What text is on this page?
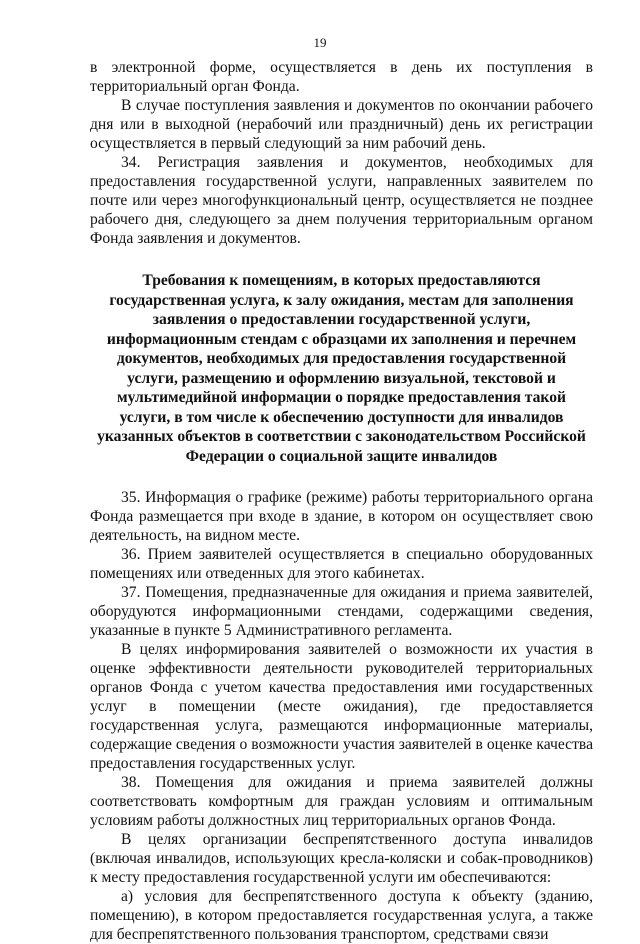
19

в электронной форме, осуществляется в день их поступления в территориальный орган Фонда.

В случае поступления заявления и документов по окончании рабочего дня или в выходной (нерабочий или праздничный) день их регистрации осуществляется в первый следующий за ним рабочий день.

34. Регистрация заявления и документов, необходимых для предоставления государственной услуги, направленных заявителем по почте или через многофункциональный центр, осуществляется не позднее рабочего дня, следующего за днем получения территориальным органом Фонда заявления и документов.

Требования к помещениям, в которых предоставляются государственная услуга, к залу ожидания, местам для заполнения заявления о предоставлении государственной услуги, информационным стендам с образцами их заполнения и перечнем документов, необходимых для предоставления государственной услуги, размещению и оформлению визуальной, текстовой и мультимедийной информации о порядке предоставления такой услуги, в том числе к обеспечению доступности для инвалидов указанных объектов в соответствии с законодательством Российской Федерации о социальной защите инвалидов

35. Информация о графике (режиме) работы территориального органа Фонда размещается при входе в здание, в котором он осуществляет свою деятельность, на видном месте.

36. Прием заявителей осуществляется в специально оборудованных помещениях или отведенных для этого кабинетах.

37. Помещения, предназначенные для ожидания и приема заявителей, оборудуются информационными стендами, содержащими сведения, указанные в пункте 5 Административного регламента.

В целях информирования заявителей о возможности их участия в оценке эффективности деятельности руководителей территориальных органов Фонда с учетом качества предоставления ими государственных услуг в помещении (месте ожидания), где предоставляется государственная услуга, размещаются информационные материалы, содержащие сведения о возможности участия заявителей в оценке качества предоставления государственных услуг.

38. Помещения для ожидания и приема заявителей должны соответствовать комфортным для граждан условиям и оптимальным условиям работы должностных лиц территориальных органов Фонда.

В целях организации беспрепятственного доступа инвалидов (включая инвалидов, использующих кресла-коляски и собак-проводников) к месту предоставления государственной услуги им обеспечиваются:

а) условия для беспрепятственного доступа к объекту (зданию, помещению), в котором предоставляется государственная услуга, а также для беспрепятственного пользования транспортом, средствами связи
